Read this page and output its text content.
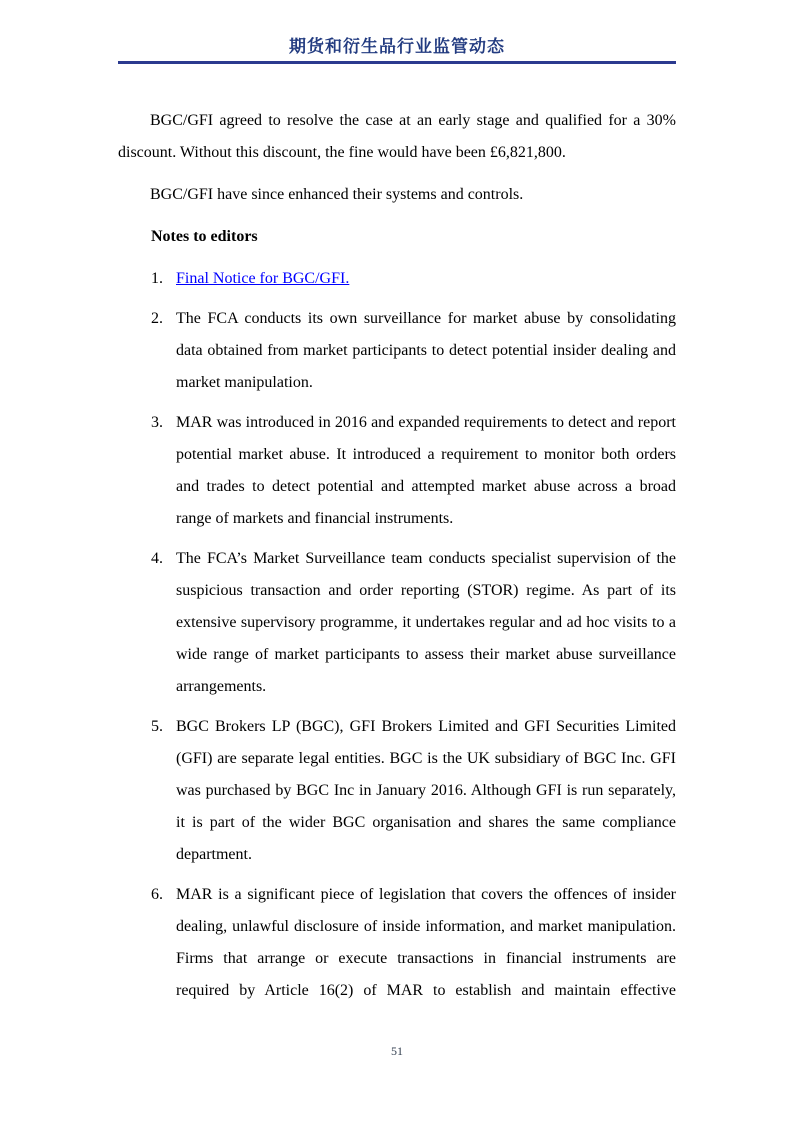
期货和衍生品行业监管动态

BGC/GFI agreed to resolve the case at an early stage and qualified for a 30% discount. Without this discount, the fine would have been £6,821,800.

BGC/GFI have since enhanced their systems and controls.

Notes to editors

1. Final Notice for BGC/GFI.
2. The FCA conducts its own surveillance for market abuse by consolidating data obtained from market participants to detect potential insider dealing and market manipulation.
3. MAR was introduced in 2016 and expanded requirements to detect and report potential market abuse. It introduced a requirement to monitor both orders and trades to detect potential and attempted market abuse across a broad range of markets and financial instruments.
4. The FCA’s Market Surveillance team conducts specialist supervision of the suspicious transaction and order reporting (STOR) regime. As part of its extensive supervisory programme, it undertakes regular and ad hoc visits to a wide range of market participants to assess their market abuse surveillance arrangements.
5. BGC Brokers LP (BGC), GFI Brokers Limited and GFI Securities Limited (GFI) are separate legal entities. BGC is the UK subsidiary of BGC Inc. GFI was purchased by BGC Inc in January 2016. Although GFI is run separately, it is part of the wider BGC organisation and shares the same compliance department.
6. MAR is a significant piece of legislation that covers the offences of insider dealing, unlawful disclosure of inside information, and market manipulation. Firms that arrange or execute transactions in financial instruments are required by Article 16(2) of MAR to establish and maintain effective
51
